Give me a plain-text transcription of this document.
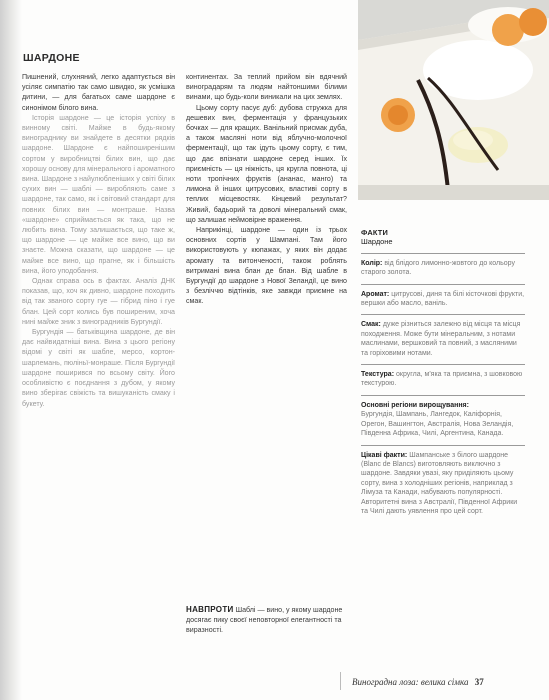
ШАРДОНЕ

Пишнений, слухняний, легко адаптується він усіляє симпатію так само швидко, як усмішка дитини, — для багатьох саме шардоне є синонімом білого вина.

Історія шардоне — це історія успіху в винному світі. Майже в будь-якому винограднику ви знайдете в десятки рядків шардоне. Шардоне є найпоширенішим сортом у виробництві білих вин, що дає хорошу основу для мінерального і ароматного вина. Шардоне з найулюбленіших у світі білих сухих вин — шаблі — виробляють саме з шардоне, так само, як і світовий стандарт для повних білих вин — монтраше. Назва «шардоне» сприймається як така, що не любить вина. Тому залишається, що таке ж, що шардоне — це майже все вино, що ви знаєте. Можна сказати, що шардоне — це майже все вино, що прагне, як і більшість вина, його уподобання.

Однак справа ось в фактах. Аналіз ДНК показав, що, хоч як дивно, шардоне походить від так званого сорту гуе — гібрид піно і гуе блан. Цей сорт колись був поширеним, хоча нині майже зник з виноградників Бургундії.

Бургундія — батьківщина шардоне, де він дає найвидатніші вина. Вина з цього регіону відомі у світі як шабле, мерсо, кортон-шарлемань, пюліньї-монраше. Після Бургундії шардоне поширився по всьому світу. Його особливістю є поєднання з дубом, у якому вино зберігає свіжість та вишуканість смаку і букету.

континентах. За теплий прийом він вдячний виноградарям та людям найтоншими білими винами, що будь-коли виникали на цих землях.

Цьому сорту пасує дуб: дубова стружка для дешевих вин, ферментація у французьких бочках — для кращих. Ванільний присмак дуба, а також масляні ноти від яблучно-молочної ферментації, що так ідуть цьому сорту, є тим, що дає впізнати шардоне серед інших. Їх приємність — ця ніжність, ця кругла повнота, ці ноти тропічних фруктів (ананас, манго) та лимона й інших цитрусових, властиві сорту в теплих місцевостях. Кінцевий результат? Живий, бадьорий та доволі мінеральний смак, що залишає неймовірне враження.

Наприкінці, шардоне — один із трьох основних сортів у Шампані. Там його використовують у кюпажах, у яких він додає аромату та витонченості, також роблять витримані вина блан де блан. Від шабле в Бургундії до шардоне з Нової Зеландії, це вино з безліччю відтінків, яке завжди приємне на смак.

НАВПРОТИ Шаблі — вино, у якому шардоне досягає пику своєї неповторної елегантності та виразності.
ФАКТИ
Шардоне
Колір: від блідого лимонно-жовтого до кольору старого золота.
Аромат: цитрусові, диня та білі кісточкові фрукти, вершки або масло, ваніль.
Смак: дуже різниться залежно від місця та місця походження. Може бути мінеральним, з нотами маслинами, вершковий та повний, з масляними та горіховими нотами.
Текстура: округла, м'яка та приємна, з шовковою текстурою.
Основні регіони вирощування:
Бургундія, Шампань, Лангедок, Каліфорнія, Орегон, Вашингтон, Австралія, Нова Зеландія, Південна Африка, Чилі, Аргентина, Канада.
Цікаві факти: Шампанське з білого шардоне (Blanc de Blancs) виготовляють виключно з шардоне. Завдяки увазі, яку приділяють цьому сорту, вина з холодніших регіонів, наприклад з Лімуза та Канади, набувають популярності. Авторитетні вина з Австралії, Південної Африки та Чилі дають уявлення про цей сорт.
Виноградна лоза: велика сімка 37
